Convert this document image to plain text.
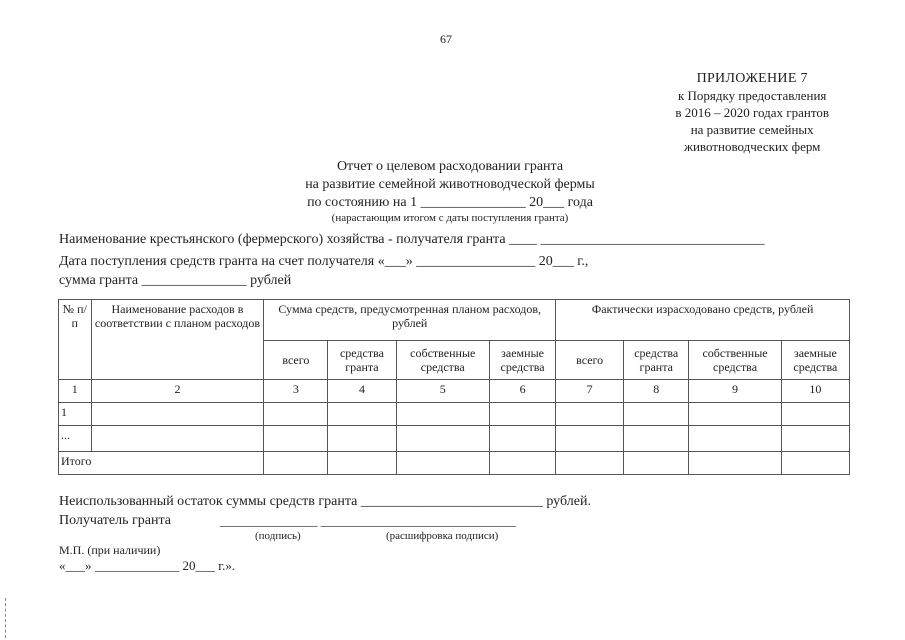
67
ПРИЛОЖЕНИЕ 7
к Порядку предоставления
в 2016 – 2020 годах грантов
на развитие семейных
животноводческих ферм
Отчет о целевом расходовании гранта
на развитие семейной животноводческой фермы
по состоянию на 1 _______________ 20___ года
(нарастающим итогом с даты поступления гранта)
Наименование крестьянского (фермерского) хозяйства - получателя гранта ____ ________________________________
Дата поступления средств гранта на счет получателя «___» _________________ 20___ г.,
сумма гранта _______________ рублей
№ п/п	Наименование расходов в соответствии с планом расходов	Сумма средств, предусмотренная планом расходов, рублей				Фактически израсходовано средств, рублей			
		всего	средства гранта	собственные средства	заемные средства	всего	средства гранта	собственные средства	заемные средства
1	2	3	4	5	6	7	8	9	10
1									
...									
Итого									
Неиспользованный остаток суммы средств гранта __________________________ рублей.
Получатель гранта	_______________ ______________________________
(подпись)	(расшифровка подписи)
М.П. (при наличии)
«___» _____________ 20___ г.».
